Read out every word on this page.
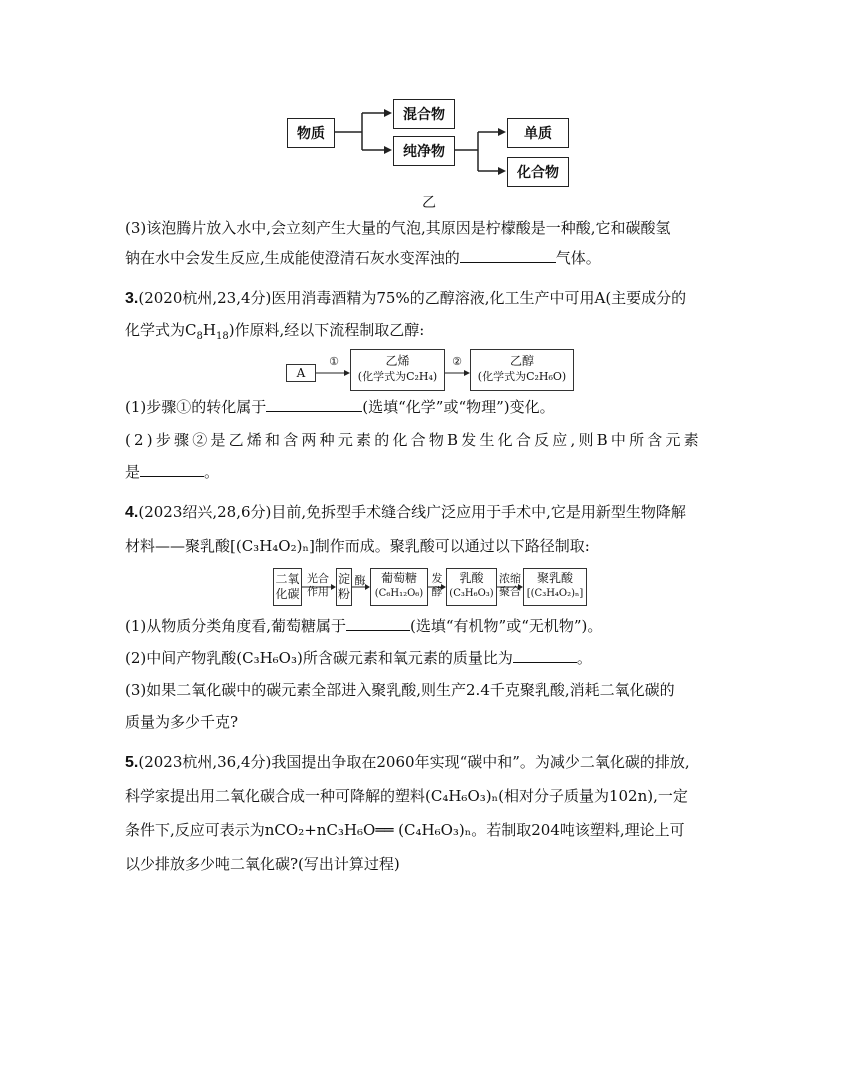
物质
混合物
纯净物
单质
化合物
乙
(3)该泡腾片放入水中,会立刻产生大量的气泡,其原因是柠檬酸是一种酸,它和碳酸氢
钠在水中会发生反应,生成能使澄清石灰水变浑浊的	气体。
3.(2020杭州,23,4分)医用消毒酒精为75%的乙醇溶液,化工生产中可用A(主要成分的
化学式为$C_8H_{18}$)作原料,经以下流程制取乙醇:
A
①	乙烯
(化学式为C₂H₄)
②	乙醇
(化学式为C₂H₆O)
(1)步骤①的转化属于	(选填“化学”或“物理”)变化。
(2)步骤②是乙烯和含两种元素的化合物B发生化合反应,则B中所含元素
是	。
4.(2023绍兴,28,6分)目前,免拆型手术缝合线广泛应用于手术中,它是用新型生物降解
材料——聚乳酸[(C₃H₄O₂)ₙ]制作而成。聚乳酸可以通过以下路径制取:
二氧化碳
光合作用
淀粉
酶	葡萄糖
(C₆H₁₂O₆)
发酵
乳酸
(C₃H₆O₃)
浓缩聚合
聚乳酸
[(C₃H₄O₂)ₙ]
(1)从物质分类角度看,葡萄糖属于	(选填“有机物”或“无机物”)。
(2)中间产物乳酸(C₃H₆O₃)所含碳元素和氧元素的质量比为	。
(3)如果二氧化碳中的碳元素全部进入聚乳酸,则生产2.4千克聚乳酸,消耗二氧化碳的
质量为多少千克?
5.(2023杭州,36,4分)我国提出争取在2060年实现“碳中和”。为减少二氧化碳的排放,
科学家提出用二氧化碳合成一种可降解的塑料(C₄H₆O₃)ₙ(相对分子质量为102n),一定
条件下,反应可表示为nCO₂+nC₃H₆O══ (C₄H₆O₃)ₙ。若制取204吨该塑料,理论上可
以少排放多少吨二氧化碳?(写出计算过程)
